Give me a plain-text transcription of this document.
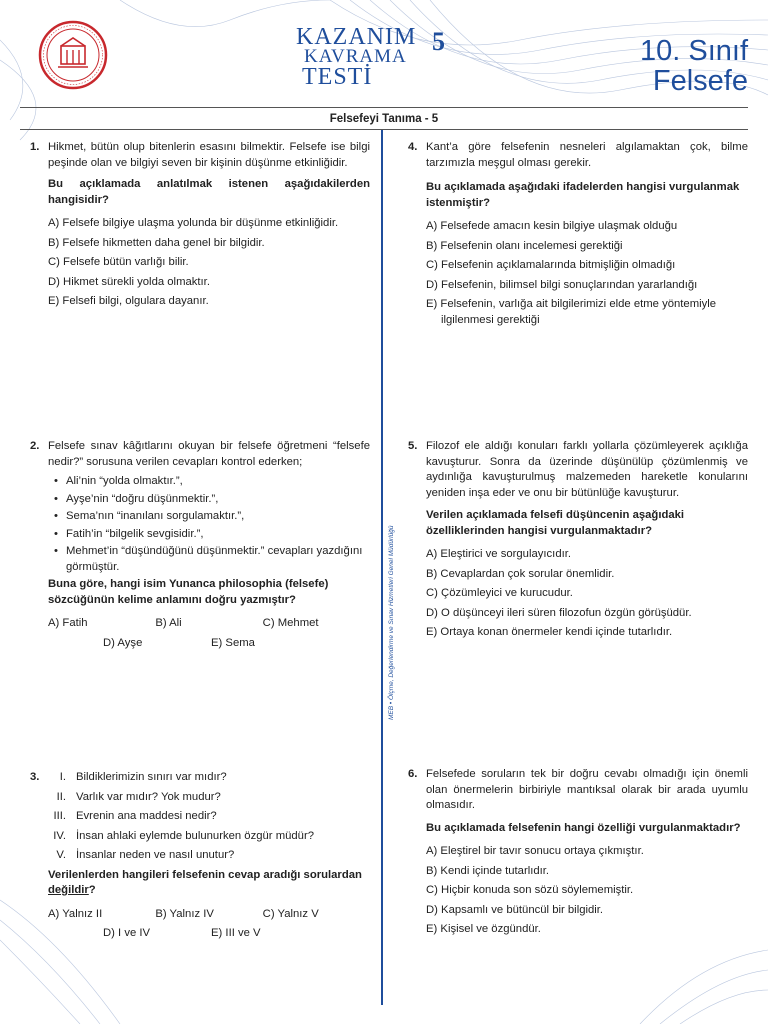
KAZANIM
KAVRAMA
TESTİ
5	10. Sınıf
Felsefe
Felsefeyi Tanıma - 5
MEB • Ölçme, Değerlendirme ve Sınav Hizmetleri Genel Müdürlüğü
1. Hikmet, bütün olup bitenlerin esasını bilmektir. Felsefe ise bilgi peşinde olan ve bilgiyi seven bir kişinin düşünme etkinliğidir.

Bu açıklamada anlatılmak istenen aşağıdakilerden hangisidir?

A) Felsefe bilgiye ulaşma yolunda bir düşünme etkinliğidir.
B) Felsefe hikmetten daha genel bir bilgidir.
C) Felsefe bütün varlığı bilir.
D) Hikmet sürekli yolda olmaktır.
E) Felsefi bilgi, olgulara dayanır.
2. Felsefe sınav kâğıtlarını okuyan bir felsefe öğretmeni “felsefe nedir?” sorusuna verilen cevapları kontrol ederken;

• Ali’nin “yolda olmaktır.”,
• Ayşe’nin “doğru düşünmektir.”,
• Sema’nın “inanılanı sorgulamaktır.”,
• Fatih’in “bilgelik sevgisidir.”,
• Mehmet’in “düşündüğünü düşünmektir.” cevapları yazdığını görmüştür.

Buna göre, hangi isim Yunanca philosophia (felsefe) sözcüğünün kelime anlamını doğru yazmıştır?

A) Fatih	B) Ali	C) Mehmet
D) Ayşe	E) Sema
3.	I. Bildiklerimizin sınırı var mıdır?
II. Varlık var mıdır? Yok mudur?
III. Evrenin ana maddesi nedir?
IV. İnsan ahlaki eylemde bulunurken özgür müdür?
V. İnsanlar neden ve nasıl unutur?

Verilenlerden hangileri felsefenin cevap aradığı sorulardan değildir?

A) Yalnız II	B) Yalnız IV	C) Yalnız V
D) I ve IV	E) III ve V
4. Kant’a göre felsefenin nesneleri algılamaktan çok, bilme tarzımızla meşgul olması gerekir.

Bu açıklamada aşağıdaki ifadelerden hangisi vurgulanmak istenmiştir?

A) Felsefede amacın kesin bilgiye ulaşmak olduğu
B) Felsefenin olanı incelemesi gerektiği
C) Felsefenin açıklamalarında bitmişliğin olmadığı
D) Felsefenin, bilimsel bilgi sonuçlarından yararlandığı
E) Felsefenin, varlığa ait bilgilerimizi elde etme yöntemiyle ilgilenmesi gerektiği
5. Filozof ele aldığı konuları farklı yollarla çözümleyerek açıklığa kavuşturur. Sonra da üzerinde düşünülüp çözümlenmiş ve aydınlığa kavuşturulmuş malzemeden hareketle konularını yeniden inşa eder ve onu bir bütünlüğe kavuşturur.

Verilen açıklamada felsefi düşüncenin aşağıdaki özelliklerinden hangisi vurgulanmaktadır?

A) Eleştirici ve sorgulayıcıdır.
B) Cevaplardan çok sorular önemlidir.
C) Çözümleyici ve kurucudur.
D) O düşünceyi ileri süren filozofun özgün görüşüdür.
E) Ortaya konan önermeler kendi içinde tutarlıdır.
6. Felsefede soruların tek bir doğru cevabı olmadığı için önemli olan önermelerin birbiriyle mantıksal olarak bir arada uyumlu olmasıdır.

Bu açıklamada felsefenin hangi özelliği vurgulanmaktadır?

A) Eleştirel bir tavır sonucu ortaya çıkmıştır.
B) Kendi içinde tutarlıdır.
C) Hiçbir konuda son sözü söylememiştir.
D) Kapsamlı ve bütüncül bir bilgidir.
E) Kişisel ve özgündür.
